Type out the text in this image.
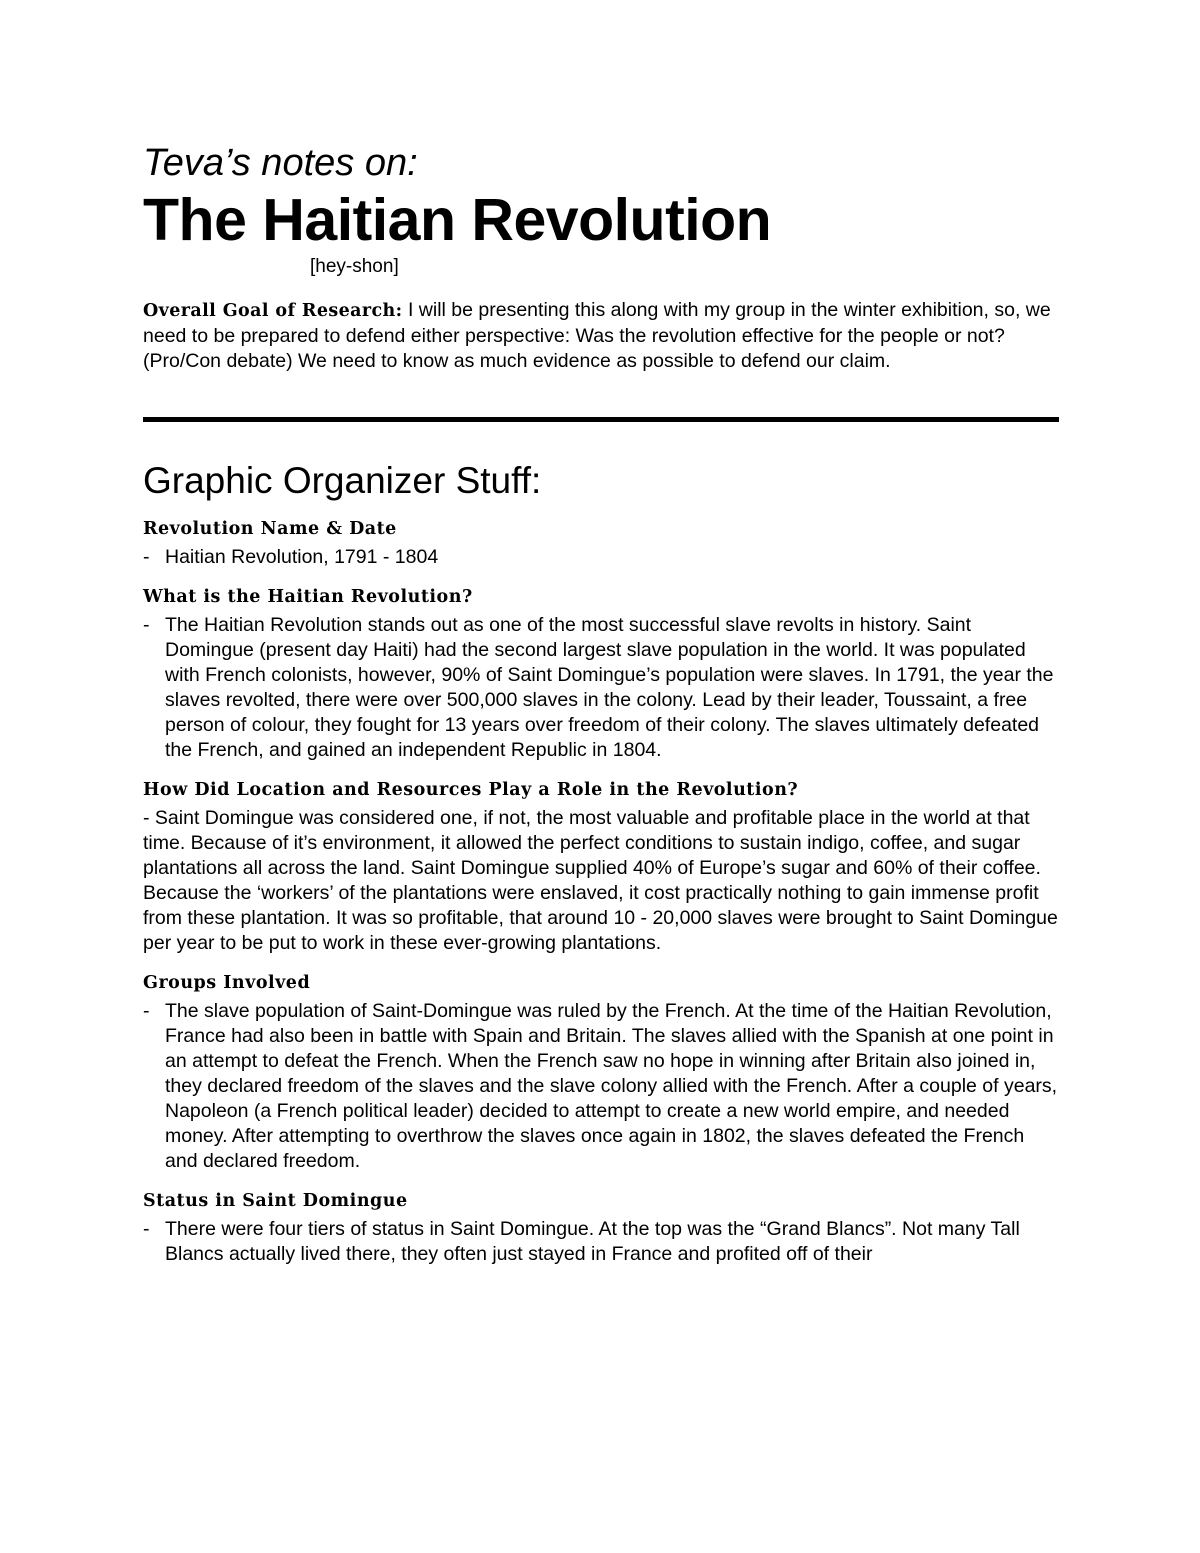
Teva’s notes on:
The Haitian Revolution

[hey-shon]

Overall Goal of Research: I will be presenting this along with my group in the winter exhibition, so, we need to be prepared to defend either perspective: Was the revolution effective for the people or not? (Pro/Con debate) We need to know as much evidence as possible to defend our claim.

Graphic Organizer Stuff:
Revolution Name & Date

- Haitian Revolution, 1791 - 1804

What is the Haitian Revolution?

- The Haitian Revolution stands out as one of the most successful slave revolts in history. Saint Domingue (present day Haiti) had the second largest slave population in the world. It was populated with French colonists, however, 90% of Saint Domingue’s population were slaves. In 1791, the year the slaves revolted, there were over 500,000 slaves in the colony. Lead by their leader, Toussaint, a free person of colour, they fought for 13 years over freedom of their colony. The slaves ultimately defeated the French, and gained an independent Republic in 1804.

How Did Location and Resources Play a Role in the Revolution?

- Saint Domingue was considered one, if not, the most valuable and profitable place in the world at that time. Because of it’s environment, it allowed the perfect conditions to sustain indigo, coffee, and sugar plantations all across the land. Saint Domingue supplied 40% of Europe’s sugar and 60% of their coffee. Because the ‘workers’ of the plantations were enslaved, it cost practically nothing to gain immense profit from these plantation. It was so profitable, that around 10 - 20,000 slaves were brought to Saint Domingue per year to be put to work in these ever-growing plantations.

Groups Involved

- The slave population of Saint-Domingue was ruled by the French. At the time of the Haitian Revolution, France had also been in battle with Spain and Britain. The slaves allied with the Spanish at one point in an attempt to defeat the French. When the French saw no hope in winning after Britain also joined in, they declared freedom of the slaves and the slave colony allied with the French. After a couple of years, Napoleon (a French political leader) decided to attempt to create a new world empire, and needed money. After attempting to overthrow the slaves once again in 1802, the slaves defeated the French and declared freedom.

Status in Saint Domingue

- There were four tiers of status in Saint Domingue. At the top was the “Grand Blancs”. Not many Tall Blancs actually lived there, they often just stayed in France and profited off of their
